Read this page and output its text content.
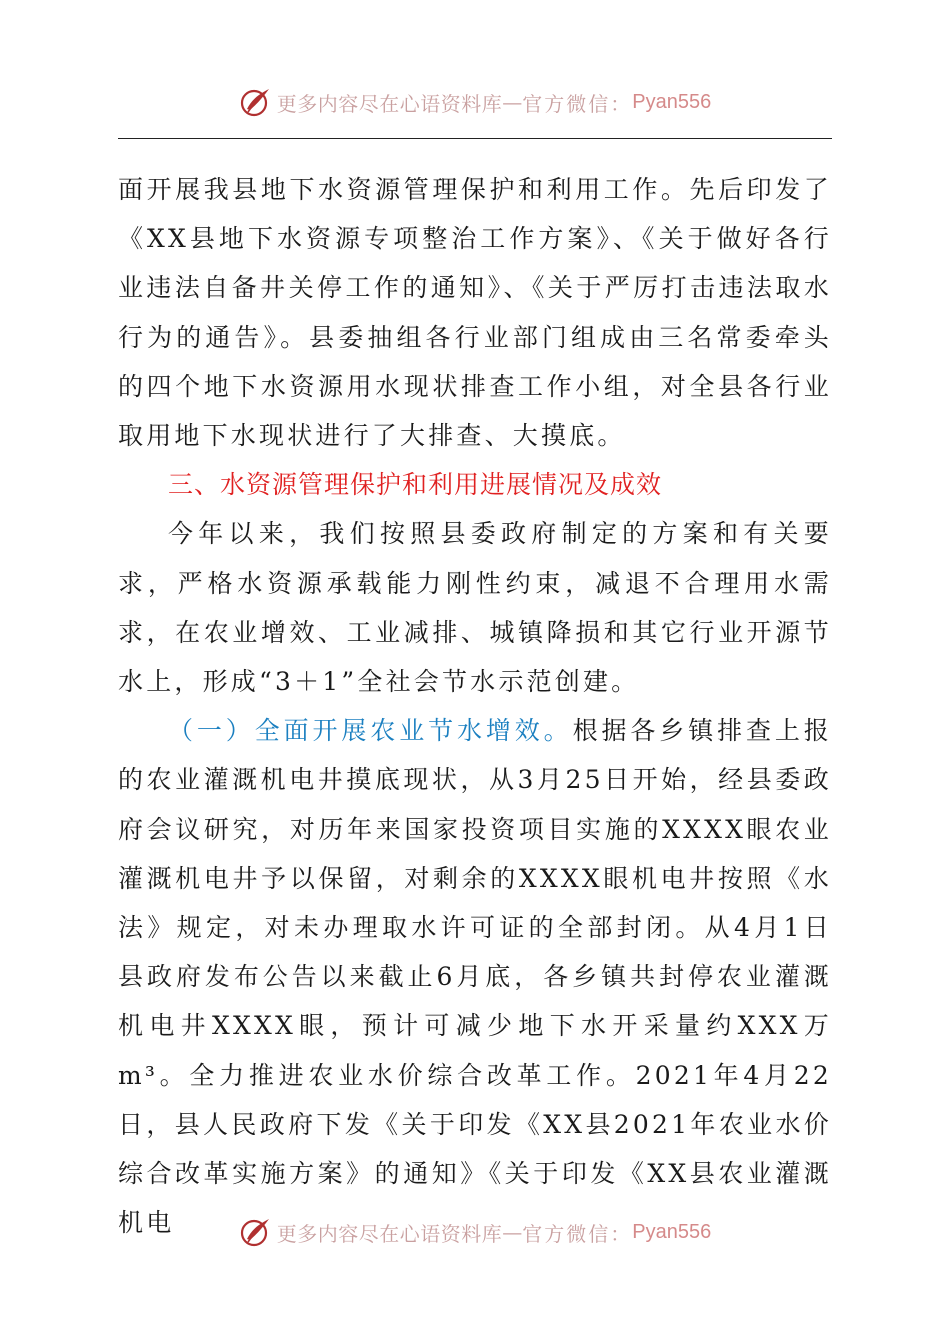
更多内容尽在心语资料库 — 官方微信： Pyan556

面开展我县地下水资源管理保护和利用工作。先后印发了《XX县地下水资源专项整治工作方案》、《关于做好各行业违法自备井关停工作的通知》、《关于严厉打击违法取水行为的通告》。县委抽组各行业部门组成由三名常委牵头的四个地下水资源用水现状排查工作小组，对全县各行业取用地下水现状进行了大排查、大摸底。

三、水资源管理保护和利用进展情况及成效

今年以来，我们按照县委政府制定的方案和有关要求，严格水资源承载能力刚性约束，减退不合理用水需求，在农业增效、工业减排、城镇降损和其它行业开源节水上，形成“3＋1”全社会节水示范创建。

（一）全面开展农业节水增效。根据各乡镇排查上报的农业灌溉机电井摸底现状，从3月25日开始，经县委政府会议研究，对历年来国家投资项目实施的XXXX眼农业灌溉机电井予以保留，对剩余的XXXX眼机电井按照《水法》规定，对未办理取水许可证的全部封闭。从4月1日县政府发布公告以来截止6月底，各乡镇共封停农业灌溉机电井XXXX眼，预计可减少地下水开采量约XXX万m³。全力推进农业水价综合改革工作。2021年4月22日，县人民政府下发《关于印发《XX县2021年农业水价综合改革实施方案》的通知》《关于印发《XX县农业灌溉机电	更多内容尽在心语资料库 — 官方微信： Pyan556
